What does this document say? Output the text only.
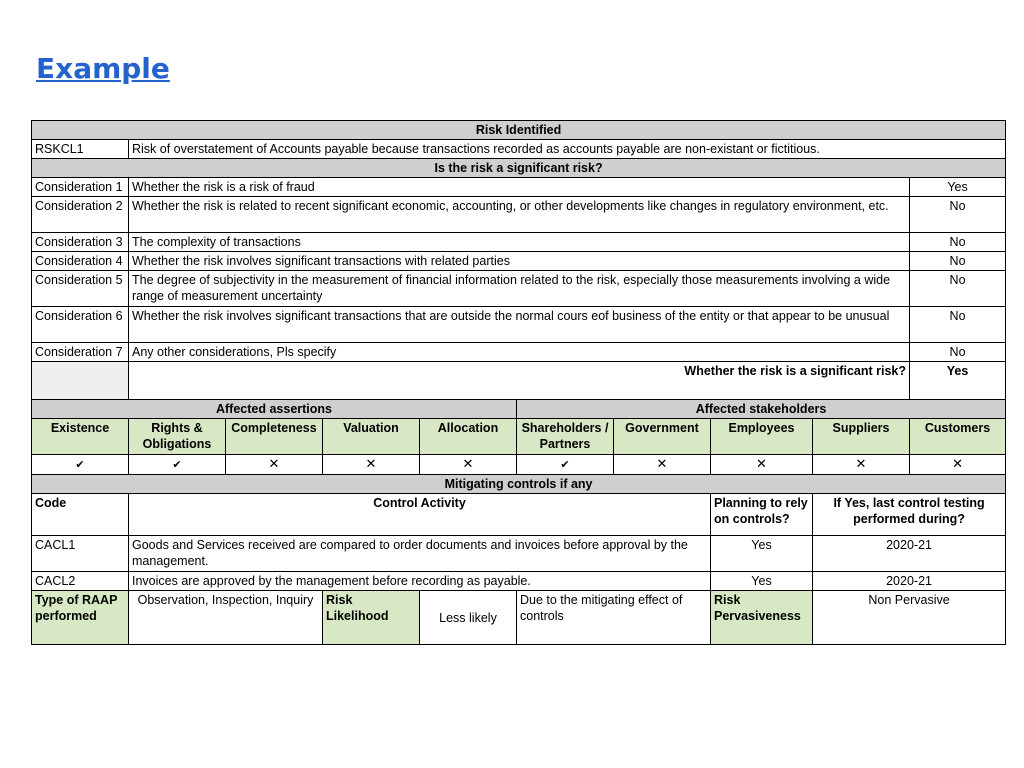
Example
Risk Identified									
RSKCL1	Risk of overstatement of Accounts payable because transactions recorded as accounts payable are non-existant or fictitious.								
Is the risk a significant risk?									
Consideration 1	Whether the risk is a risk of fraud								Yes
Consideration 2	Whether the risk is related to recent significant economic, accounting, or other developments like changes in regulatory environment, etc.								No
Consideration 3	The complexity of transactions								No
Consideration 4	Whether the risk involves significant transactions with related parties								No
Consideration 5	The degree of subjectivity in the measurement of financial information related to the risk, especially those measurements involving a wide range of measurement uncertainty								No
Consideration 6	Whether the risk involves significant transactions that are outside the normal cours eof business of the entity or that appear to be unusual								No
Consideration 7	Any other considerations, Pls specify								No
	Whether the risk is a significant risk?								Yes
Affected assertions					Affected stakeholders				
Existence	Rights & Obligations	Completeness	Valuation	Allocation	Shareholders / Partners	Government	Employees	Suppliers	Customers
✔	✔	✕	✕	✕	✔	✕	✕	✕	✕
Mitigating controls if any									
Code	Control Activity						Planning to rely on controls?	If Yes, last control testing performed during?	
CACL1	Goods and Services received are compared to order documents and invoices before approval by the management.						Yes	2020-21	
CACL2	Invoices are approved by the management before recording as payable.						Yes	2020-21	
Type of RAAP performed	Observation, Inspection, Inquiry		Risk Likelihood	Less likely	Due to the mitigating effect of controls		Risk Pervasiveness	Non Pervasive	
